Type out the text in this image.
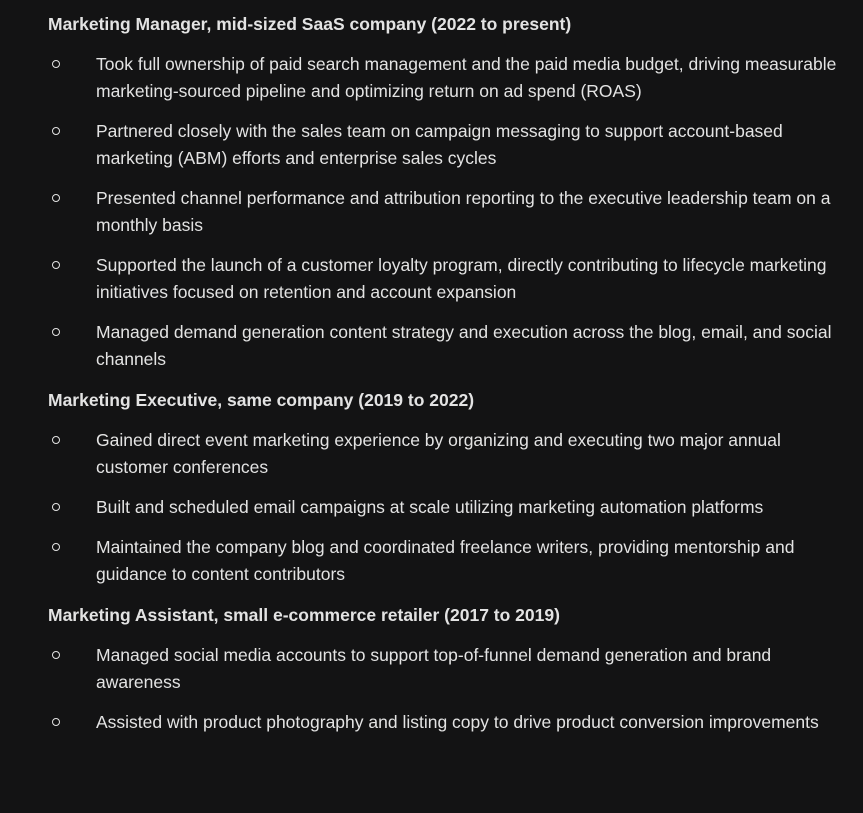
Marketing Manager, mid-sized SaaS company (2022 to present)

Took full ownership of paid search management and the paid media budget, driving measurable marketing-sourced pipeline and optimizing return on ad spend (ROAS)
Partnered closely with the sales team on campaign messaging to support account-based marketing (ABM) efforts and enterprise sales cycles
Presented channel performance and attribution reporting to the executive leadership team on a monthly basis
Supported the launch of a customer loyalty program, directly contributing to lifecycle marketing initiatives focused on retention and account expansion
Managed demand generation content strategy and execution across the blog, email, and social channels

Marketing Executive, same company (2019 to 2022)

Gained direct event marketing experience by organizing and executing two major annual customer conferences
Built and scheduled email campaigns at scale utilizing marketing automation platforms
Maintained the company blog and coordinated freelance writers, providing mentorship and guidance to content contributors

Marketing Assistant, small e-commerce retailer (2017 to 2019)

Managed social media accounts to support top-of-funnel demand generation and brand awareness
Assisted with product photography and listing copy to drive product conversion improvements
